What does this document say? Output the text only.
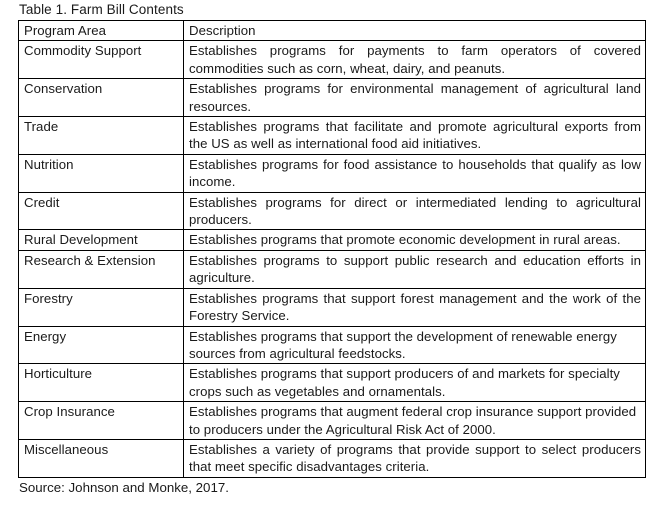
Table 1. Farm Bill Contents
Program Area	Description
Commodity Support	Establishes programs for payments to farm operators of covered commodities such as corn, wheat, dairy, and peanuts.
Conservation	Establishes programs for environmental management of agricultural land resources.
Trade	Establishes programs that facilitate and promote agricultural exports from the US as well as international food aid initiatives.
Nutrition	Establishes programs for food assistance to households that qualify as low income.
Credit	Establishes programs for direct or intermediated lending to agricultural producers.
Rural Development	Establishes programs that promote economic development in rural areas.
Research & Extension	Establishes programs to support public research and education efforts in agriculture.
Forestry	Establishes programs that support forest management and the work of the Forestry Service.
Energy	Establishes programs that support the development of renewable energy sources from agricultural feedstocks.
Horticulture	Establishes programs that support producers of and markets for specialty crops such as vegetables and ornamentals.
Crop Insurance	Establishes programs that augment federal crop insurance support provided to producers under the Agricultural Risk Act of 2000.
Miscellaneous	Establishes a variety of programs that provide support to select producers that meet specific disadvantages criteria.
Source: Johnson and Monke, 2017.
